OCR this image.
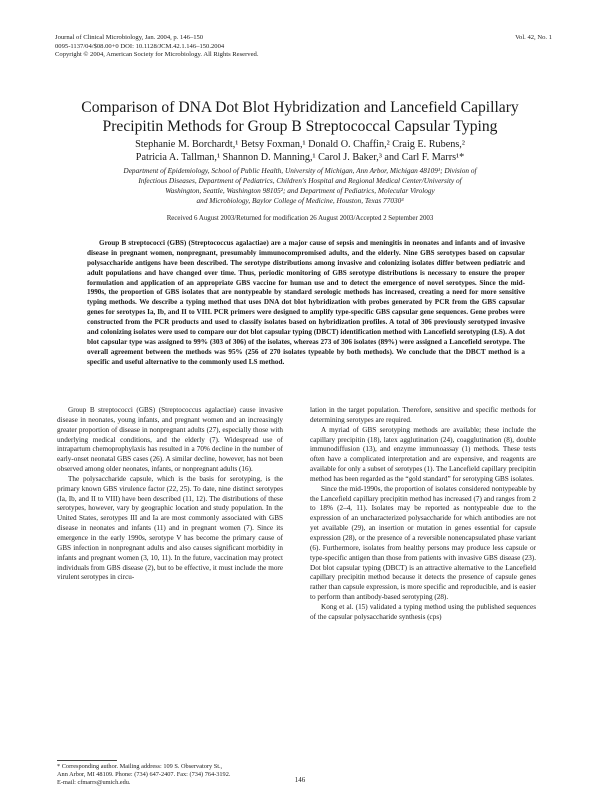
Journal of Clinical Microbiology, Jan. 2004, p. 146–150
0095-1137/04/$08.00+0 DOI: 10.1128/JCM.42.1.146–150.2004
Copyright © 2004, American Society for Microbiology. All Rights Reserved.
Vol. 42, No. 1
Comparison of DNA Dot Blot Hybridization and Lancefield Capillary
Precipitin Methods for Group B Streptococcal Capsular Typing
Stephanie M. Borchardt,¹ Betsy Foxman,¹ Donald O. Chaffin,² Craig E. Rubens,²
Patricia A. Tallman,¹ Shannon D. Manning,¹ Carol J. Baker,³ and Carl F. Marrs¹*
Department of Epidemiology, School of Public Health, University of Michigan, Ann Arbor, Michigan 48109¹; Division of
Infectious Diseases, Department of Pediatrics, Children's Hospital and Regional Medical Center/University of
Washington, Seattle, Washington 98105²; and Department of Pediatrics, Molecular Virology
and Microbiology, Baylor College of Medicine, Houston, Texas 77030³
Received 6 August 2003/Returned for modification 26 August 2003/Accepted 2 September 2003

Group B streptococci (GBS) (Streptococcus agalactiae) are a major cause of sepsis and meningitis in neonates and infants and of invasive disease in pregnant women, nonpregnant, presumably immunocompromised adults, and the elderly. Nine GBS serotypes based on capsular polysaccharide antigens have been described. The serotype distributions among invasive and colonizing isolates differ between pediatric and adult populations and have changed over time. Thus, periodic monitoring of GBS serotype distributions is necessary to ensure the proper formulation and application of an appropriate GBS vaccine for human use and to detect the emergence of novel serotypes. Since the mid-1990s, the proportion of GBS isolates that are nontypeable by standard serologic methods has increased, creating a need for more sensitive typing methods. We describe a typing method that uses DNA dot blot hybridization with probes generated by PCR from the GBS capsular genes for serotypes Ia, Ib, and II to VIII. PCR primers were designed to amplify type-specific GBS capsular gene sequences. Gene probes were constructed from the PCR products and used to classify isolates based on hybridization profiles. A total of 306 previously serotyped invasive and colonizing isolates were used to compare our dot blot capsular typing (DBCT) identification method with Lancefield serotyping (LS). A dot blot capsular type was assigned to 99% (303 of 306) of the isolates, whereas 273 of 306 isolates (89%) were assigned a Lancefield serotype. The overall agreement between the methods was 95% (256 of 270 isolates typeable by both methods). We conclude that the DBCT method is a specific and useful alternative to the commonly used LS method.

Group B streptococci (GBS) (Streptococcus agalactiae) cause invasive disease in neonates, young infants, and pregnant women and an increasingly greater proportion of disease in nonpregnant adults (27), especially those with underlying medical conditions, and the elderly (7). Widespread use of intrapartum chemoprophylaxis has resulted in a 70% decline in the number of early-onset neonatal GBS cases (26). A similar decline, however, has not been observed among older neonates, infants, or nonpregnant adults (16).

The polysaccharide capsule, which is the basis for serotyping, is the primary known GBS virulence factor (22, 25). To date, nine distinct serotypes (Ia, Ib, and II to VIII) have been described (11, 12). The distributions of these serotypes, however, vary by geographic location and study population. In the United States, serotypes III and Ia are most commonly associated with GBS disease in neonates and infants (11) and in pregnant women (7). Since its emergence in the early 1990s, serotype V has become the primary cause of GBS infection in nonpregnant adults and also causes significant morbidity in infants and pregnant women (3, 10, 11). In the future, vaccination may protect individuals from GBS disease (2), but to be effective, it must include the more virulent serotypes in circu-

lation in the target population. Therefore, sensitive and specific methods for determining serotypes are required.

A myriad of GBS serotyping methods are available; these include the capillary precipitin (18), latex agglutination (24), coagglutination (8), double immunodiffusion (13), and enzyme immunoassay (1) methods. These tests often have a complicated interpretation and are expensive, and reagents are available for only a subset of serotypes (1). The Lancefield capillary precipitin method has been regarded as the “gold standard” for serotyping GBS isolates.

Since the mid-1990s, the proportion of isolates considered nontypeable by the Lancefield capillary precipitin method has increased (7) and ranges from 2 to 18% (2–4, 11). Isolates may be reported as nontypeable due to the expression of an uncharacterized polysaccharide for which antibodies are not yet available (29), an insertion or mutation in genes essential for capsule expression (28), or the presence of a reversible nonencapsulated phase variant (6). Furthermore, isolates from healthy persons may produce less capsule or type-specific antigen than those from patients with invasive GBS disease (23). Dot blot capsular typing (DBCT) is an attractive alternative to the Lancefield capillary precipitin method because it detects the presence of capsule genes rather than capsule expression, is more specific and reproducible, and is easier to perform than antibody-based serotyping (28).

Kong et al. (15) validated a typing method using the published sequences of the capsular polysaccharide synthesis (cps)

* Corresponding author. Mailing address: 109 S. Observatory St.,
Ann Arbor, MI 48109. Phone: (734) 647-2407. Fax: (734) 764-3192.
E-mail: cfmarrs@umich.edu.	146
